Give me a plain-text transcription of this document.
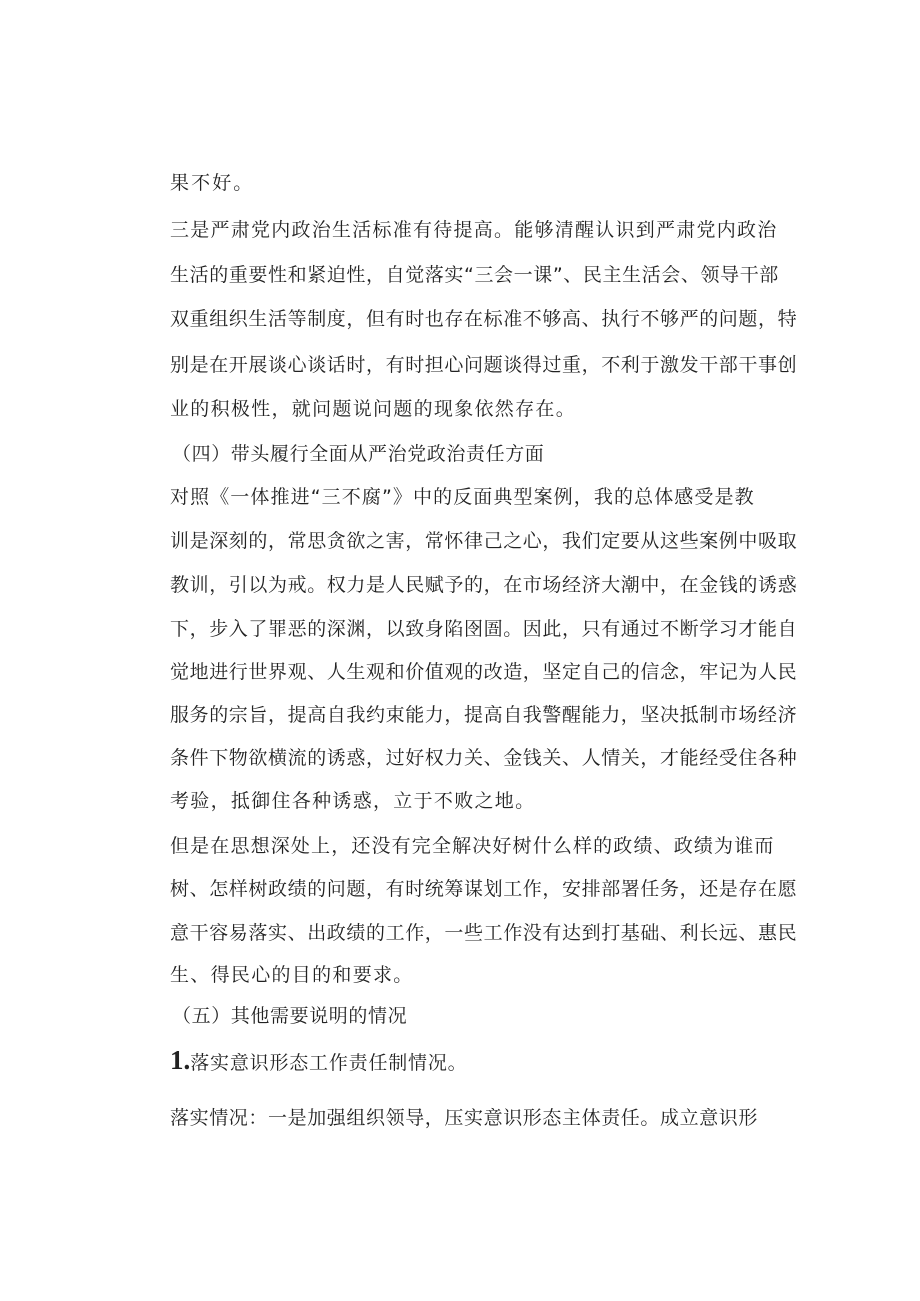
果不好。
三是严肃党内政治生活标准有待提高。能够清醒认识到严肃党内政治
生活的重要性和紧迫性，自觉落实“三会一课”、民主生活会、领导干部
双重组织生活等制度，但有时也存在标准不够高、执行不够严的问题，特
别是在开展谈心谈话时，有时担心问题谈得过重，不利于激发干部干事创
业的积极性，就问题说问题的现象依然存在。
（四）带头履行全面从严治党政治责任方面
对照《一体推进“三不腐”》中的反面典型案例，我的总体感受是教
训是深刻的，常思贪欲之害，常怀律己之心，我们定要从这些案例中吸取
教训，引以为戒。权力是人民赋予的，在市场经济大潮中，在金钱的诱惑
下，步入了罪恶的深渊，以致身陷囹圄。因此，只有通过不断学习才能自
觉地进行世界观、人生观和价值观的改造，坚定自己的信念，牢记为人民
服务的宗旨，提高自我约束能力，提高自我警醒能力，坚决抵制市场经济
条件下物欲横流的诱惑，过好权力关、金钱关、人情关，才能经受住各种
考验，抵御住各种诱惑，立于不败之地。
但是在思想深处上，还没有完全解决好树什么样的政绩、政绩为谁而
树、怎样树政绩的问题，有时统筹谋划工作，安排部署任务，还是存在愿
意干容易落实、出政绩的工作，一些工作没有达到打基础、利长远、惠民
生、得民心的目的和要求。
（五）其他需要说明的情况
1.落实意识形态工作责任制情况。
落实情况：一是加强组织领导，压实意识形态主体责任。成立意识形
